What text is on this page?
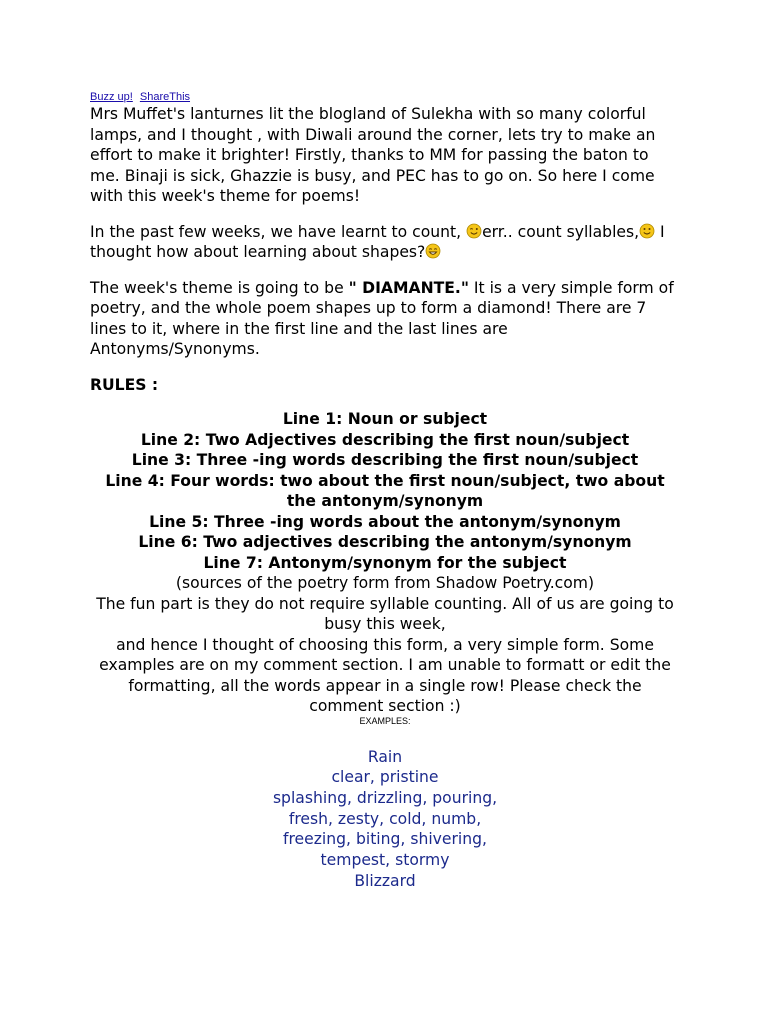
Buzz up! ShareThis

Mrs Muffet's lanturnes lit the blogland of Sulekha with so many colorful lamps, and I thought , with Diwali around the corner, lets try to make an effort to make it brighter! Firstly, thanks to MM for passing the baton to me. Binaji is sick, Ghazzie is busy, and PEC has to go on. So here I come with this week's theme for poems!

In the past few weeks, we have learnt to count,
err.. count syllables,
I thought how about learning about shapes?

The week's theme is going to be " DIAMANTE." It is a very simple form of poetry, and the whole poem shapes up to form a diamond! There are 7 lines to it, where in the first line and the last lines are Antonyms/Synonyms.

RULES :
Line 1: Noun or subject
Line 2: Two Adjectives describing the first noun/subject
Line 3: Three -ing words describing the first noun/subject
Line 4: Four words: two about the first noun/subject, two about the antonym/synonym
Line 5: Three -ing words about the antonym/synonym
Line 6: Two adjectives describing the antonym/synonym
Line 7: Antonym/synonym for the subject
(sources of the poetry form from Shadow Poetry.com)
The fun part is they do not require syllable counting. All of us are going to busy this week,
and hence I thought of choosing this form, a very simple form. Some examples are on my comment section. I am unable to formatt or edit the formatting, all the words appear in a single row! Please check the comment section :)
EXAMPLES:
Rain
clear, pristine
splashing, drizzling, pouring,
fresh, zesty, cold, numb,
freezing, biting, shivering,
tempest, stormy
Blizzard
